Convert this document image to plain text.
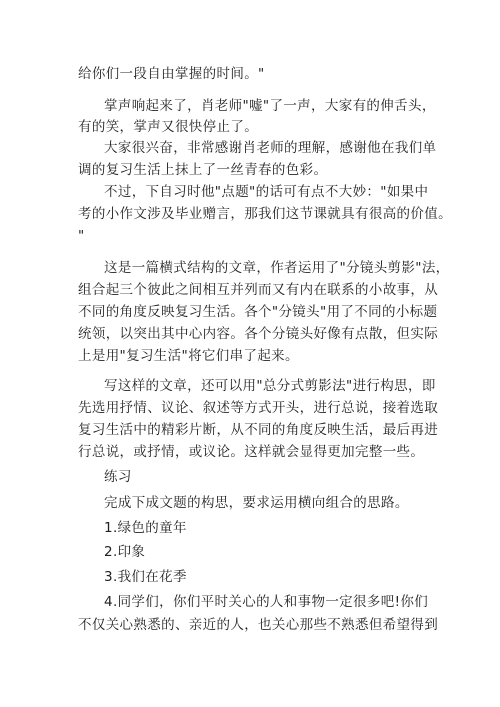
给你们一段自由掌握的时间。"
掌声响起来了，肖老师"嘘"了一声，大家有的伸舌头，
有的笑，掌声又很快停止了。
大家很兴奋，非常感谢肖老师的理解，感谢他在我们单
调的复习生活上抹上了一丝青春的色彩。
不过，下自习时他"点题"的话可有点不大妙："如果中
考的小作文涉及毕业赠言，那我们这节课就具有很高的价值。
"
这是一篇横式结构的文章，作者运用了"分镜头剪影"法，
组合起三个彼此之间相互并列而又有内在联系的小故事，从
不同的角度反映复习生活。各个"分镜头"用了不同的小标题
统领，以突出其中心内容。各个分镜头好像有点散，但实际
上是用"复习生活"将它们串了起来。
写这样的文章，还可以用"总分式剪影法"进行构思，即
先选用抒情、议论、叙述等方式开头，进行总说，接着选取
复习生活中的精彩片断，从不同的角度反映生活，最后再进
行总说，或抒情，或议论。这样就会显得更加完整一些。
练习
完成下成文题的构思，要求运用横向组合的思路。
1.绿色的童年
2.印象
3.我们在花季
4.同学们，你们平时关心的人和事物一定很多吧!你们
不仅关心熟悉的、亲近的人，也关心那些不熟悉但希望得到
